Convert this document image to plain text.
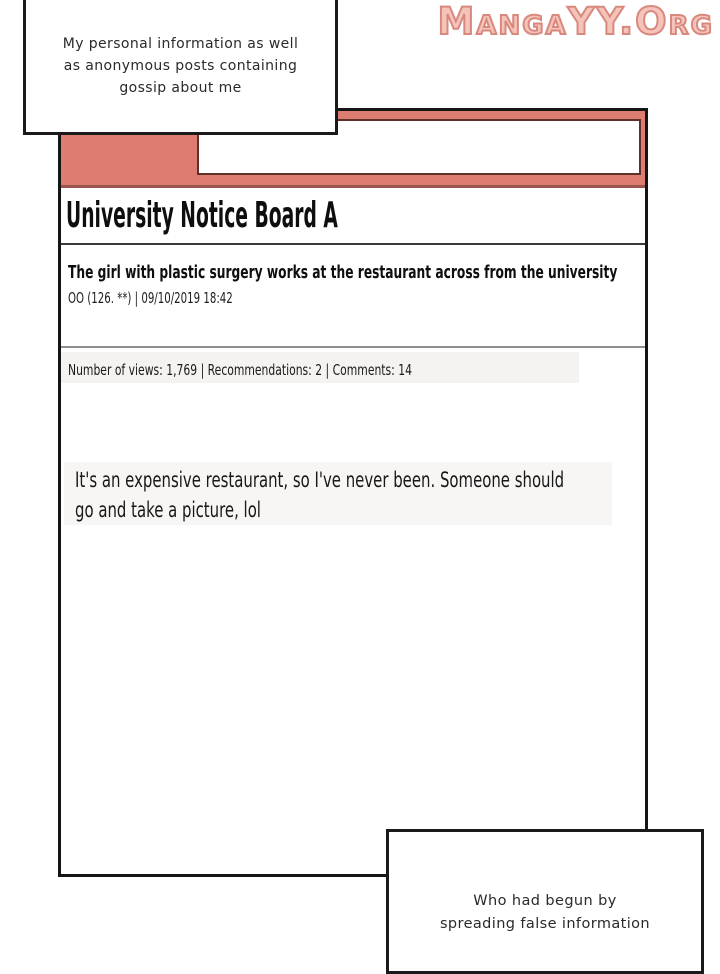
MangaYY.Org
University Notice Board A
The girl with plastic surgery works at the restaurant across from the university
OO (126. **) | 09/10/2019 18:42
Number of views: 1,769 | Recommendations: 2 | Comments: 14
It's an expensive restaurant, so I've never been. Someone should
go and take a picture, lol
My personal information as well
as anonymous posts containing
gossip about me
Who had begun by
spreading false information
